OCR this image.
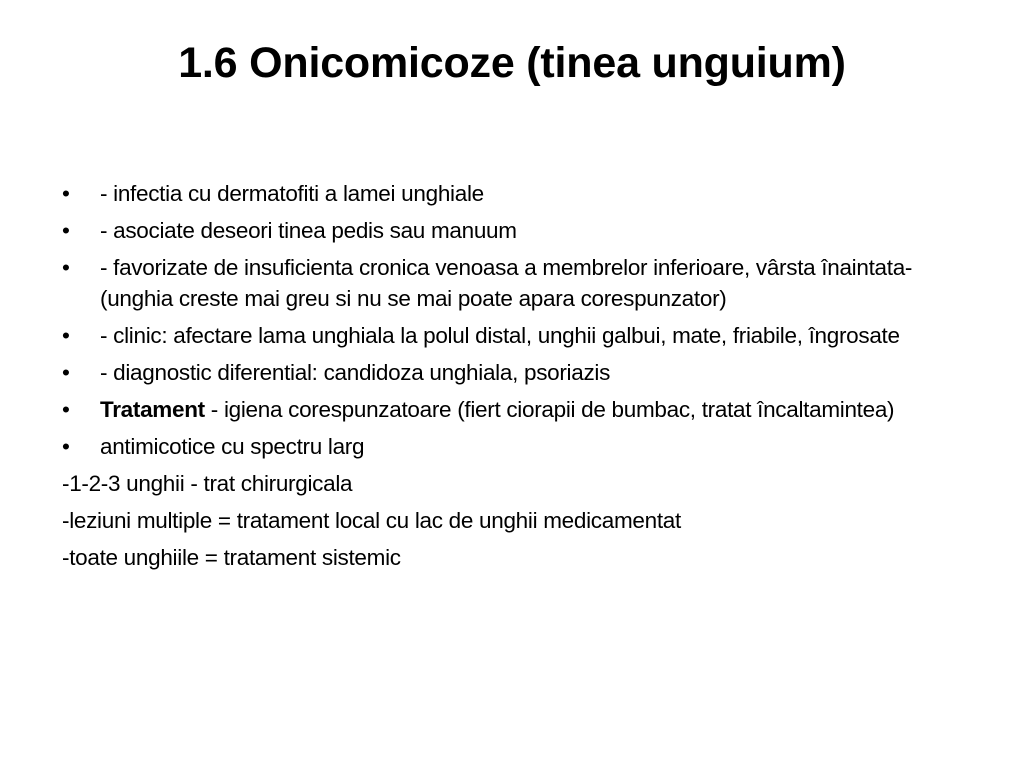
1.6 Onicomicoze (tinea unguium)
•	- infectia cu dermatofiti a lamei unghiale
•	- asociate deseori tinea pedis sau manuum
•	- favorizate de insuficienta cronica venoasa a membrelor inferioare, vârsta înaintata-(unghia creste mai greu si nu se mai poate apara corespunzator)
•	- clinic: afectare lama unghiala la polul distal, unghii galbui, mate, friabile, îngrosate
•	- diagnostic diferential: candidoza unghiala, psoriazis
•	Tratament - igiena corespunzatoare (fiert ciorapii de bumbac, tratat încaltamintea)
•	antimicotice cu spectru larg

-1-2-3 unghii - trat chirurgicala

-leziuni multiple = tratament local cu lac de unghii medicamentat

-toate unghiile = tratament sistemic
